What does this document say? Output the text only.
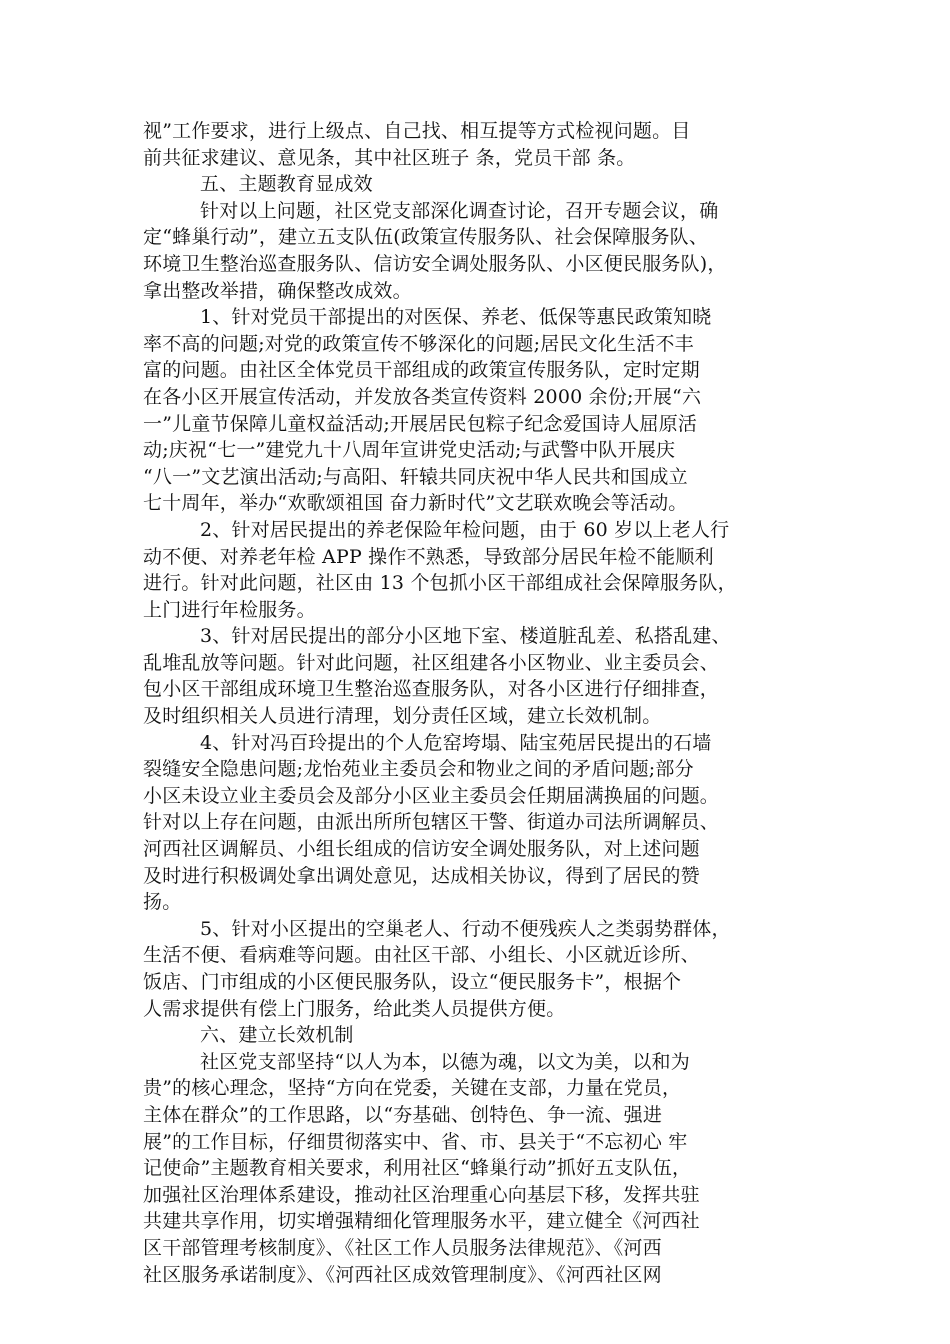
视”工作要求，进行上级点、自己找、相互提等方式检视问题。目
前共征求建议、意见条，其中社区班子 条，党员干部 条。
五、主题教育显成效
针对以上问题，社区党支部深化调查讨论，召开专题会议，确
定“蜂巢行动”，建立五支队伍(政策宣传服务队、社会保障服务队、
环境卫生整治巡查服务队、信访安全调处服务队、小区便民服务队)，
拿出整改举措，确保整改成效。
1、针对党员干部提出的对医保、养老、低保等惠民政策知晓
率不高的问题;对党的政策宣传不够深化的问题;居民文化生活不丰
富的问题。由社区全体党员干部组成的政策宣传服务队，定时定期
在各小区开展宣传活动，并发放各类宣传资料 2000 余份;开展“六
一”儿童节保障儿童权益活动;开展居民包粽子纪念爱国诗人屈原活
动;庆祝“七一”建党九十八周年宣讲党史活动;与武警中队开展庆
“八一”文艺演出活动;与高阳、轩辕共同庆祝中华人民共和国成立
七十周年，举办“欢歌颂祖国 奋力新时代”文艺联欢晚会等活动。
2、针对居民提出的养老保险年检问题，由于 60 岁以上老人行
动不便、对养老年检 APP 操作不熟悉，导致部分居民年检不能顺利
进行。针对此问题，社区由 13 个包抓小区干部组成社会保障服务队，
上门进行年检服务。
3、针对居民提出的部分小区地下室、楼道脏乱差、私搭乱建、
乱堆乱放等问题。针对此问题，社区组建各小区物业、业主委员会、
包小区干部组成环境卫生整治巡查服务队，对各小区进行仔细排查，
及时组织相关人员进行清理，划分责任区域，建立长效机制。
4、针对冯百玲提出的个人危窑垮塌、陆宝苑居民提出的石墙
裂缝安全隐患问题;龙怡苑业主委员会和物业之间的矛盾问题;部分
小区未设立业主委员会及部分小区业主委员会任期届满换届的问题。
针对以上存在问题，由派出所所包辖区干警、街道办司法所调解员、
河西社区调解员、小组长组成的信访安全调处服务队，对上述问题
及时进行积极调处拿出调处意见，达成相关协议，得到了居民的赞
扬。
5、针对小区提出的空巢老人、行动不便残疾人之类弱势群体，
生活不便、看病难等问题。由社区干部、小组长、小区就近诊所、
饭店、门市组成的小区便民服务队，设立“便民服务卡”，根据个
人需求提供有偿上门服务，给此类人员提供方便。
六、建立长效机制
社区党支部坚持“以人为本，以德为魂，以文为美，以和为
贵”的核心理念，坚持“方向在党委，关键在支部，力量在党员，
主体在群众”的工作思路，以“夯基础、创特色、争一流、强进
展”的工作目标，仔细贯彻落实中、省、市、县关于“不忘初心 牢
记使命”主题教育相关要求，利用社区“蜂巢行动”抓好五支队伍，
加强社区治理体系建设，推动社区治理重心向基层下移，发挥共驻
共建共享作用，切实增强精细化管理服务水平，建立健全《河西社
区干部管理考核制度》、《社区工作人员服务法律规范》、《河西
社区服务承诺制度》、《河西社区成效管理制度》、《河西社区网
